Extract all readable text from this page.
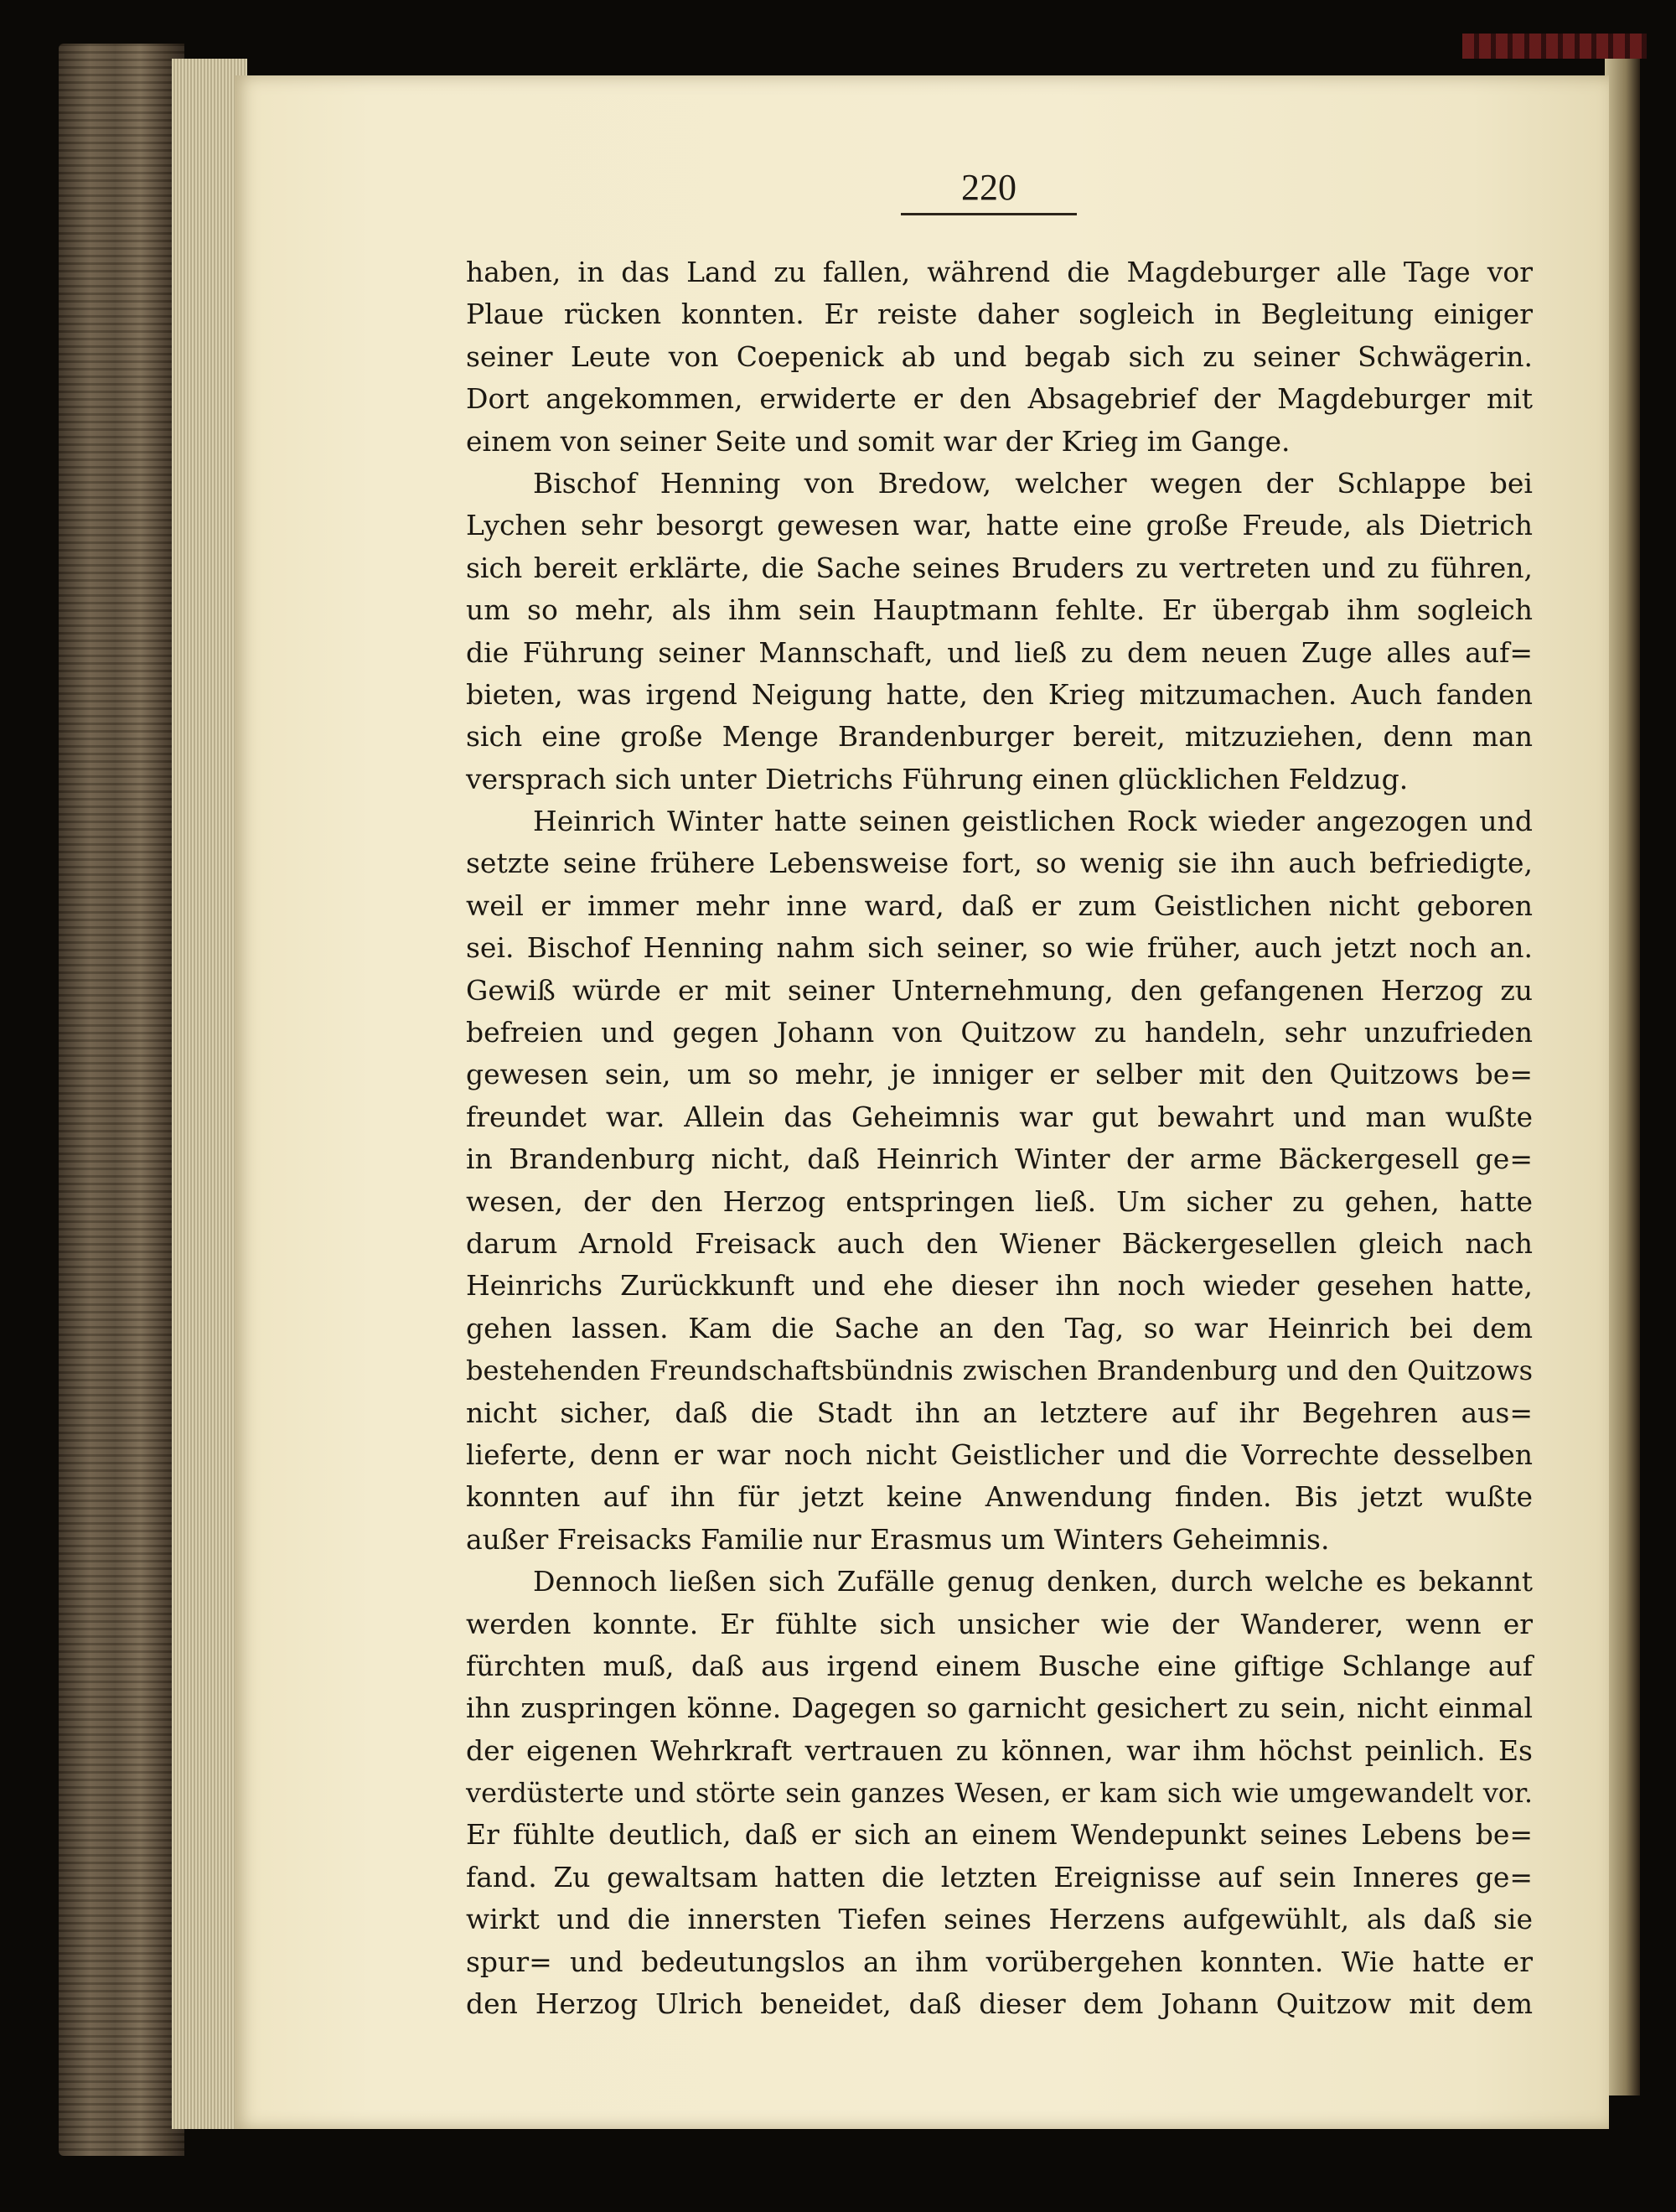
220
haben, in das Land zu fallen, während die Magdeburger alle Tage vor
Plaue rücken konnten. Er reiste daher sogleich in Begleitung einiger
seiner Leute von Coepenick ab und begab sich zu seiner Schwägerin.
Dort angekommen, erwiderte er den Absagebrief der Magdeburger mit
einem von seiner Seite und somit war der Krieg im Gange.
Bischof Henning von Bredow, welcher wegen der Schlappe bei
Lychen sehr besorgt gewesen war, hatte eine große Freude, als Dietrich
sich bereit erklärte, die Sache seines Bruders zu vertreten und zu führen,
um so mehr, als ihm sein Hauptmann fehlte. Er übergab ihm sogleich
die Führung seiner Mannschaft, und ließ zu dem neuen Zuge alles auf=
bieten, was irgend Neigung hatte, den Krieg mitzumachen. Auch fanden
sich eine große Menge Brandenburger bereit, mitzuziehen, denn man
versprach sich unter Dietrichs Führung einen glücklichen Feldzug.
Heinrich Winter hatte seinen geistlichen Rock wieder angezogen und
setzte seine frühere Lebensweise fort, so wenig sie ihn auch befriedigte,
weil er immer mehr inne ward, daß er zum Geistlichen nicht geboren
sei. Bischof Henning nahm sich seiner, so wie früher, auch jetzt noch an.
Gewiß würde er mit seiner Unternehmung, den gefangenen Herzog zu
befreien und gegen Johann von Quitzow zu handeln, sehr unzufrieden
gewesen sein, um so mehr, je inniger er selber mit den Quitzows be=
freundet war. Allein das Geheimnis war gut bewahrt und man wußte
in Brandenburg nicht, daß Heinrich Winter der arme Bäckergesell ge=
wesen, der den Herzog entspringen ließ. Um sicher zu gehen, hatte
darum Arnold Freisack auch den Wiener Bäckergesellen gleich nach
Heinrichs Zurückkunft und ehe dieser ihn noch wieder gesehen hatte,
gehen lassen. Kam die Sache an den Tag, so war Heinrich bei dem
bestehenden Freundschaftsbündnis zwischen Brandenburg und den Quitzows
nicht sicher, daß die Stadt ihn an letztere auf ihr Begehren aus=
lieferte, denn er war noch nicht Geistlicher und die Vorrechte desselben
konnten auf ihn für jetzt keine Anwendung finden. Bis jetzt wußte
außer Freisacks Familie nur Erasmus um Winters Geheimnis.
Dennoch ließen sich Zufälle genug denken, durch welche es bekannt
werden konnte. Er fühlte sich unsicher wie der Wanderer, wenn er
fürchten muß, daß aus irgend einem Busche eine giftige Schlange auf
ihn zuspringen könne. Dagegen so garnicht gesichert zu sein, nicht einmal
der eigenen Wehrkraft vertrauen zu können, war ihm höchst peinlich. Es
verdüsterte und störte sein ganzes Wesen, er kam sich wie umgewandelt vor.
Er fühlte deutlich, daß er sich an einem Wendepunkt seines Lebens be=
fand. Zu gewaltsam hatten die letzten Ereignisse auf sein Inneres ge=
wirkt und die innersten Tiefen seines Herzens aufgewühlt, als daß sie
spur= und bedeutungslos an ihm vorübergehen konnten. Wie hatte er
den Herzog Ulrich beneidet, daß dieser dem Johann Quitzow mit dem
